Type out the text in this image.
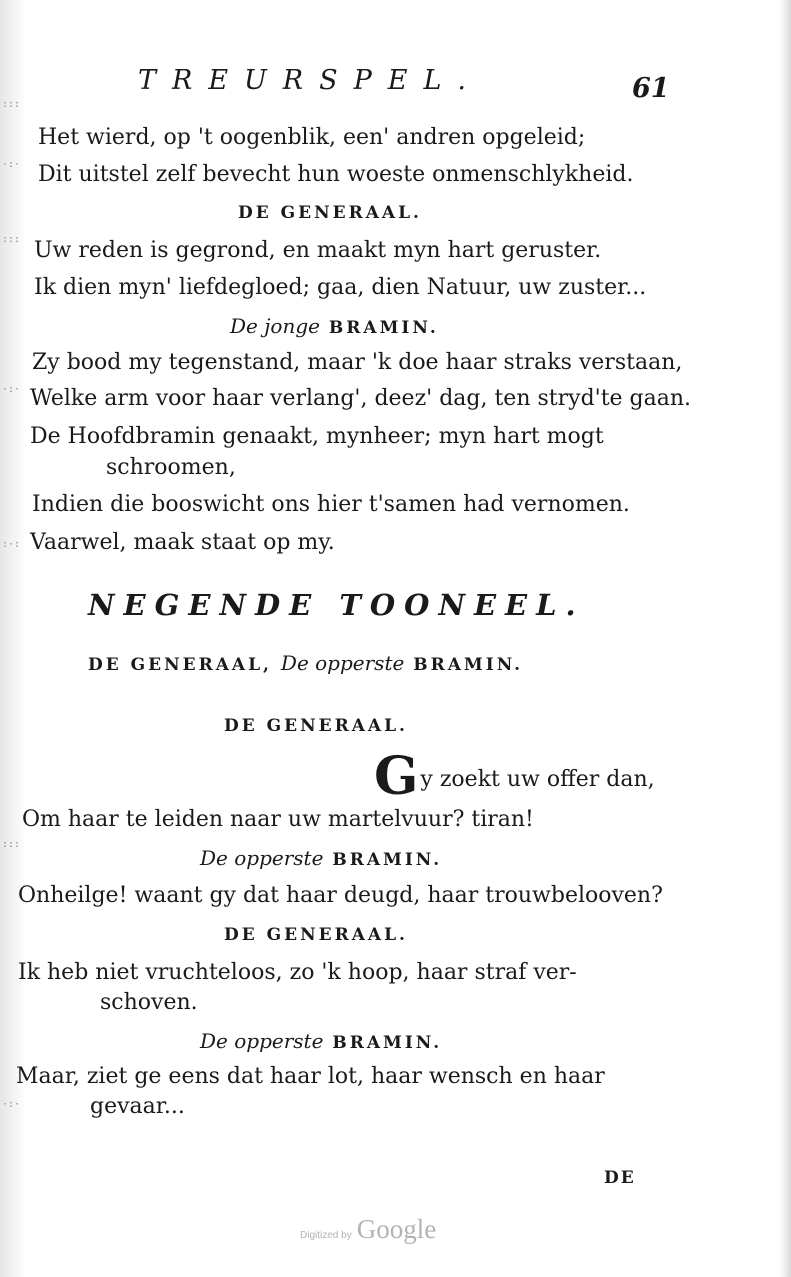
:::
·:·
:::
·:·
:·:
:::
·:·
TREURSPEL.	61
Het wierd, op 't oogenblik, een' andren opgeleid;
Dit uitstel zelf bevecht hun woeste onmenschlykheid.
DE GENERAAL.
Uw reden is gegrond, en maakt myn hart geruster.
Ik dien myn' liefdegloed; gaa, dien Natuur, uw zuster...
De jonge BRAMIN.
Zy bood my tegenstand, maar 'k doe haar straks verstaan,
Welke arm voor haar verlang', deez' dag, ten stryd'te gaan.
De Hoofdbramin genaakt, mynheer; myn hart mogt
schroomen,
Indien die booswicht ons hier t'samen had vernomen.
Vaarwel, maak staat op my.
NEGENDE TOONEEL.
DE GENERAAL, De opperste BRAMIN.
DE GENERAAL.
Gy zoekt uw offer dan,
Om haar te leiden naar uw martelvuur? tiran!
De opperste BRAMIN.
Onheilge! waant gy dat haar deugd, haar trouwbelooven?
DE GENERAAL.
Ik heb niet vruchteloos, zo 'k hoop, haar straf ver-
schoven.
De opperste BRAMIN.
Maar, ziet ge eens dat haar lot, haar wensch en haar
gevaar...
DE
Digitized by Google
